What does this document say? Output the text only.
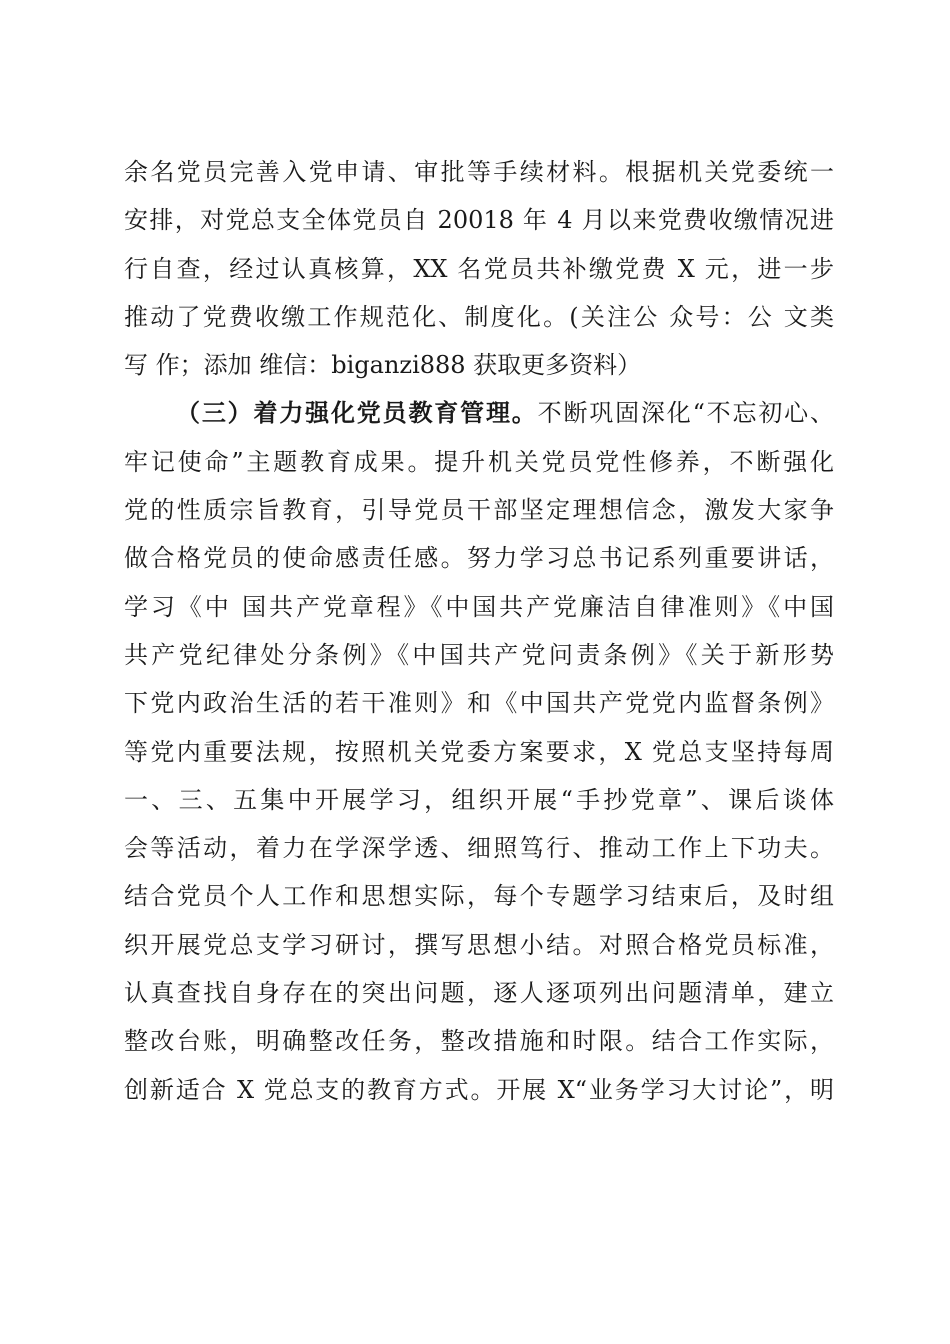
余名党员完善入党申请、审批等手续材料。根据机关党委统一
安排，对党总支全体党员自 20018 年 4 月以来党费收缴情况进
行自查，经过认真核算，XX 名党员共补缴党费 X 元，进一步
推动了党费收缴工作规范化、制度化。(关注公 众号：公 文类
写 作；添加 维信：biganzi888 获取更多资料）
（三）着力强化党员教育管理。不断巩固深化“不忘初心、
牢记使命”主题教育成果。提升机关党员党性修养，不断强化
党的性质宗旨教育，引导党员干部坚定理想信念，激发大家争
做合格党员的使命感责任感。努力学习总书记系列重要讲话，
学习《中 国共产党章程》《中国共产党廉洁自律准则》《中国
共产党纪律处分条例》《中国共产党问责条例》《关于新形势
下党内政治生活的若干准则》和《中国共产党党内监督条例》
等党内重要法规，按照机关党委方案要求，X 党总支坚持每周
一、三、五集中开展学习，组织开展“手抄党章”、课后谈体
会等活动，着力在学深学透、细照笃行、推动工作上下功夫。
结合党员个人工作和思想实际，每个专题学习结束后，及时组
织开展党总支学习研讨，撰写思想小结。对照合格党员标准，
认真查找自身存在的突出问题，逐人逐项列出问题清单，建立
整改台账，明确整改任务，整改措施和时限。结合工作实际，
创新适合 X 党总支的教育方式。开展 X“业务学习大讨论”，明
